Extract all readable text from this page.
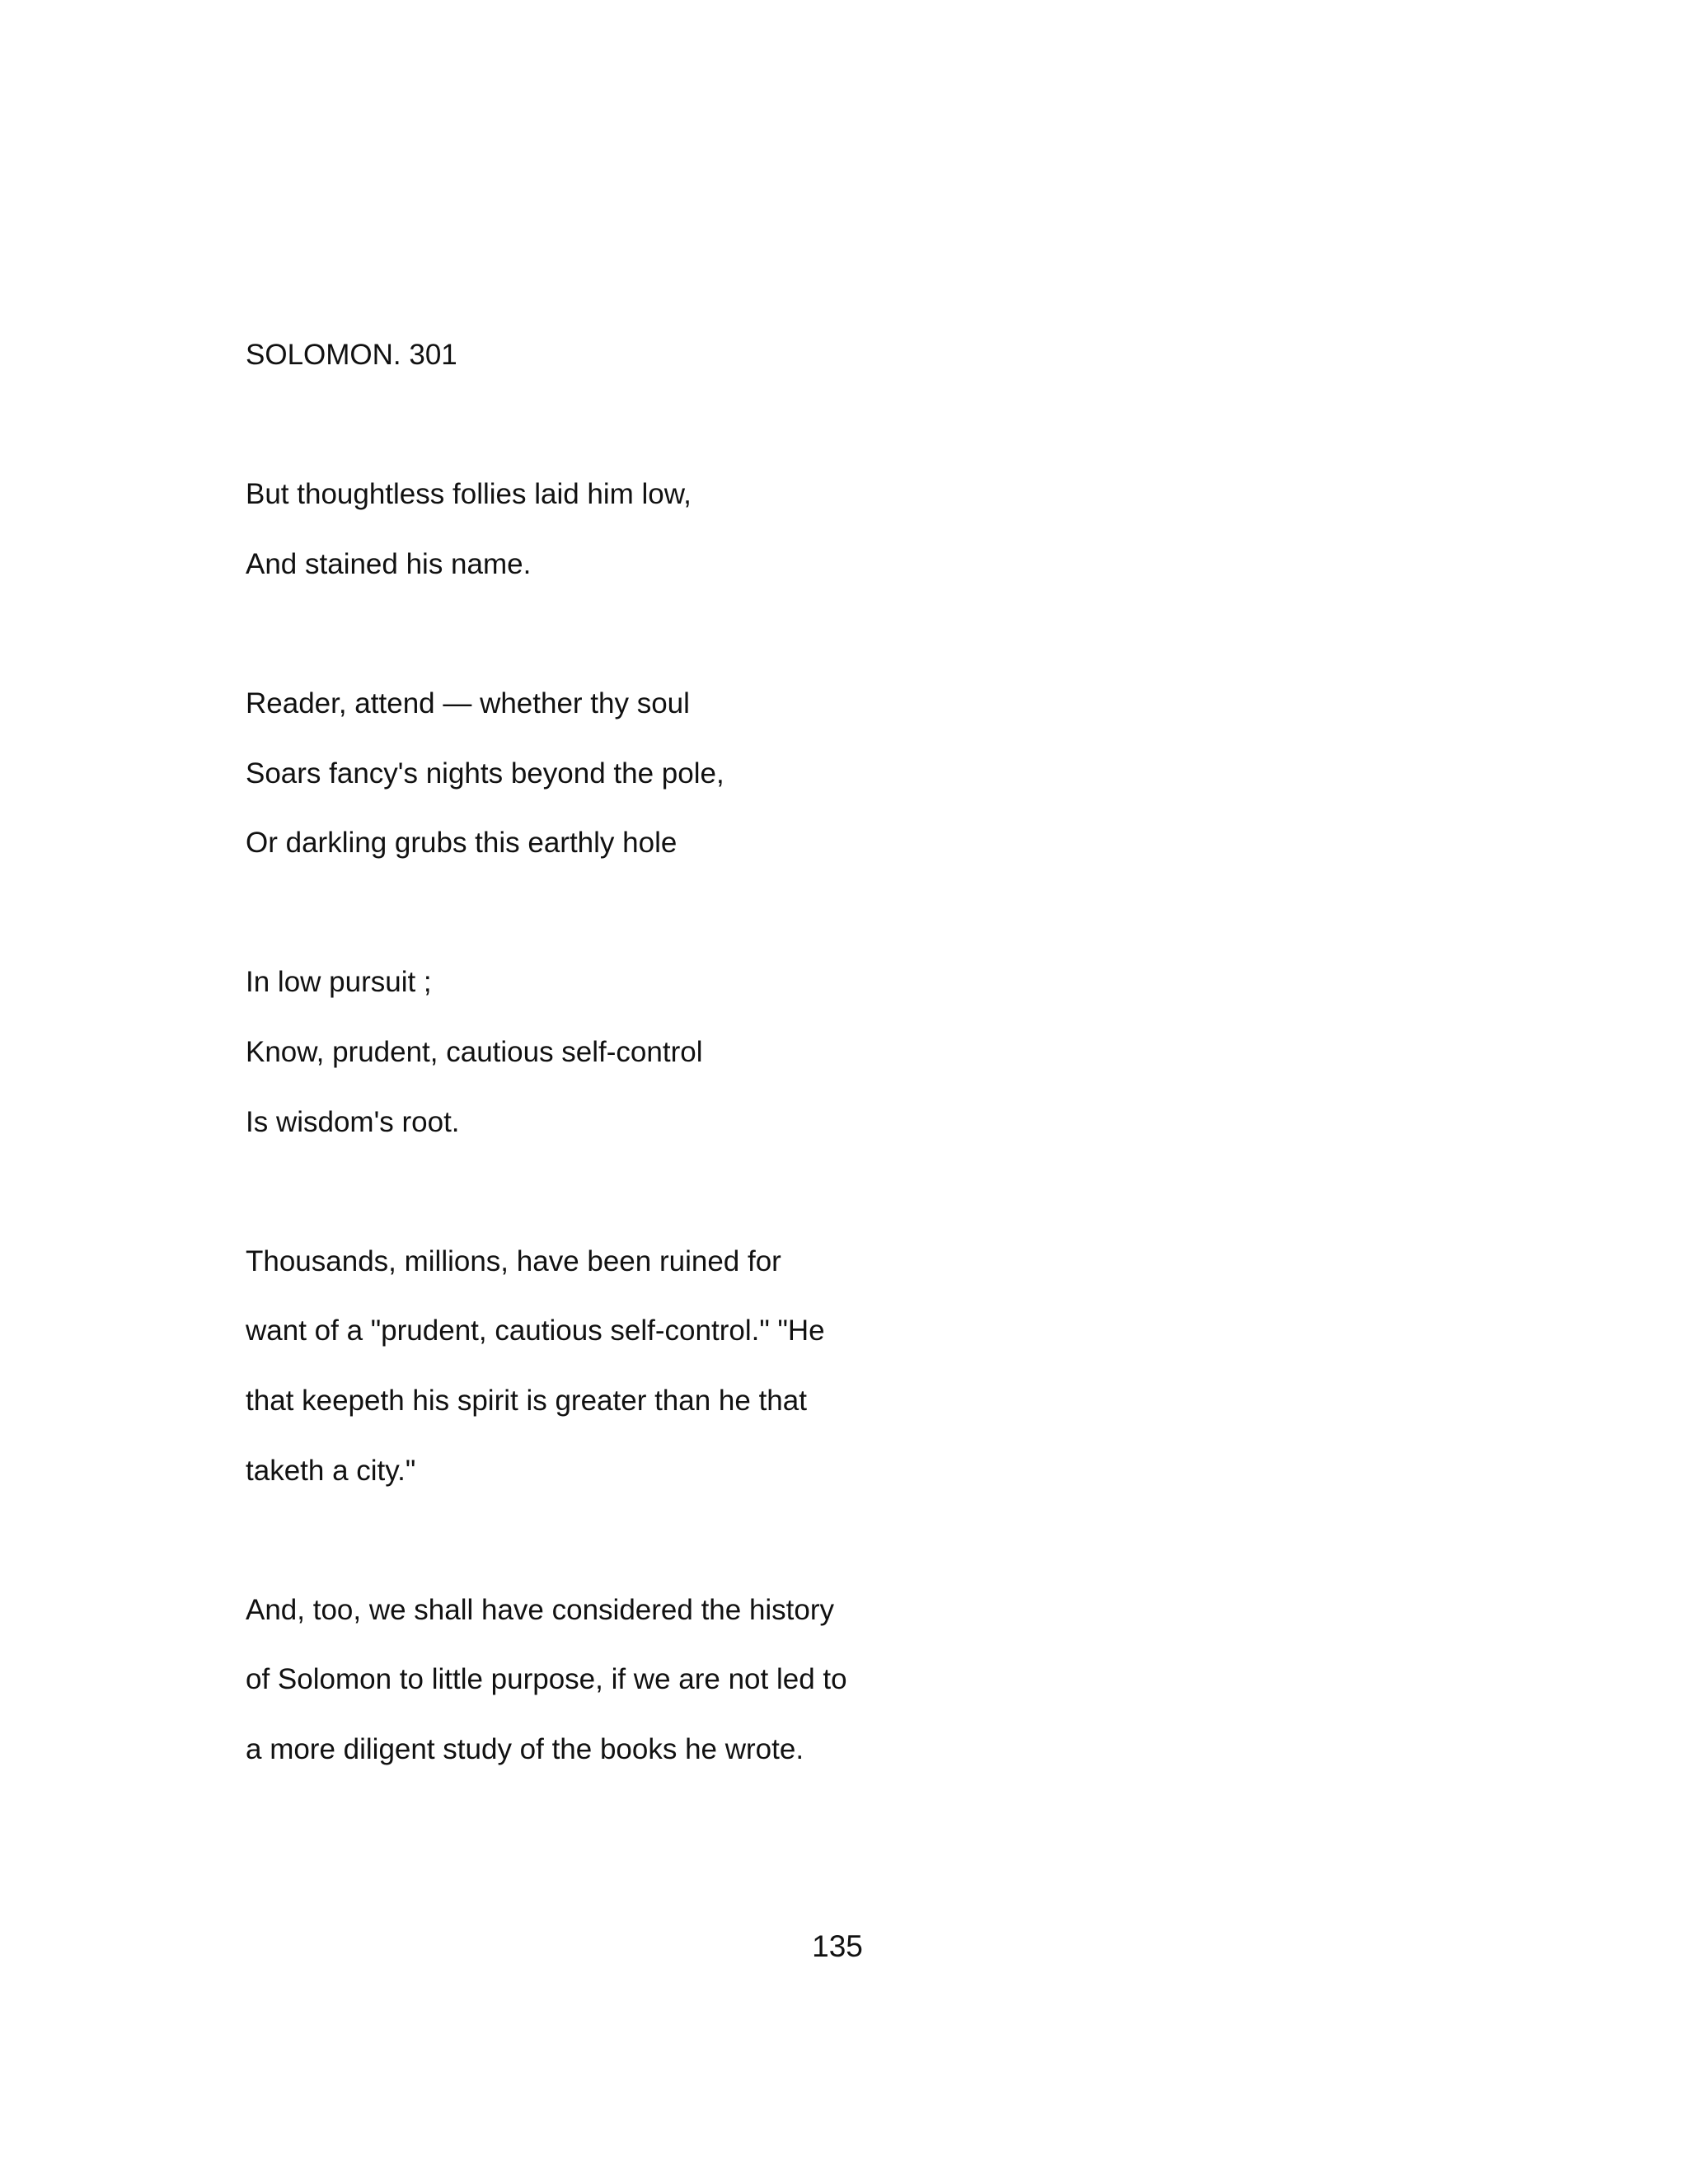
SOLOMON. 301

But thoughtless follies laid him low,

And stained his name.

Reader, attend — whether thy soul

Soars fancy's nights beyond the pole,

Or darkling grubs this earthly hole

In low pursuit ;

Know, prudent, cautious self-control

Is wisdom's root.

Thousands, millions, have been ruined for

want of a "prudent, cautious self-control." "He

that keepeth his spirit is greater than he that

taketh a city."

And, too, we shall have considered the history

of Solomon to little purpose, if we are not led to

a more diligent study of the books he wrote.

135
